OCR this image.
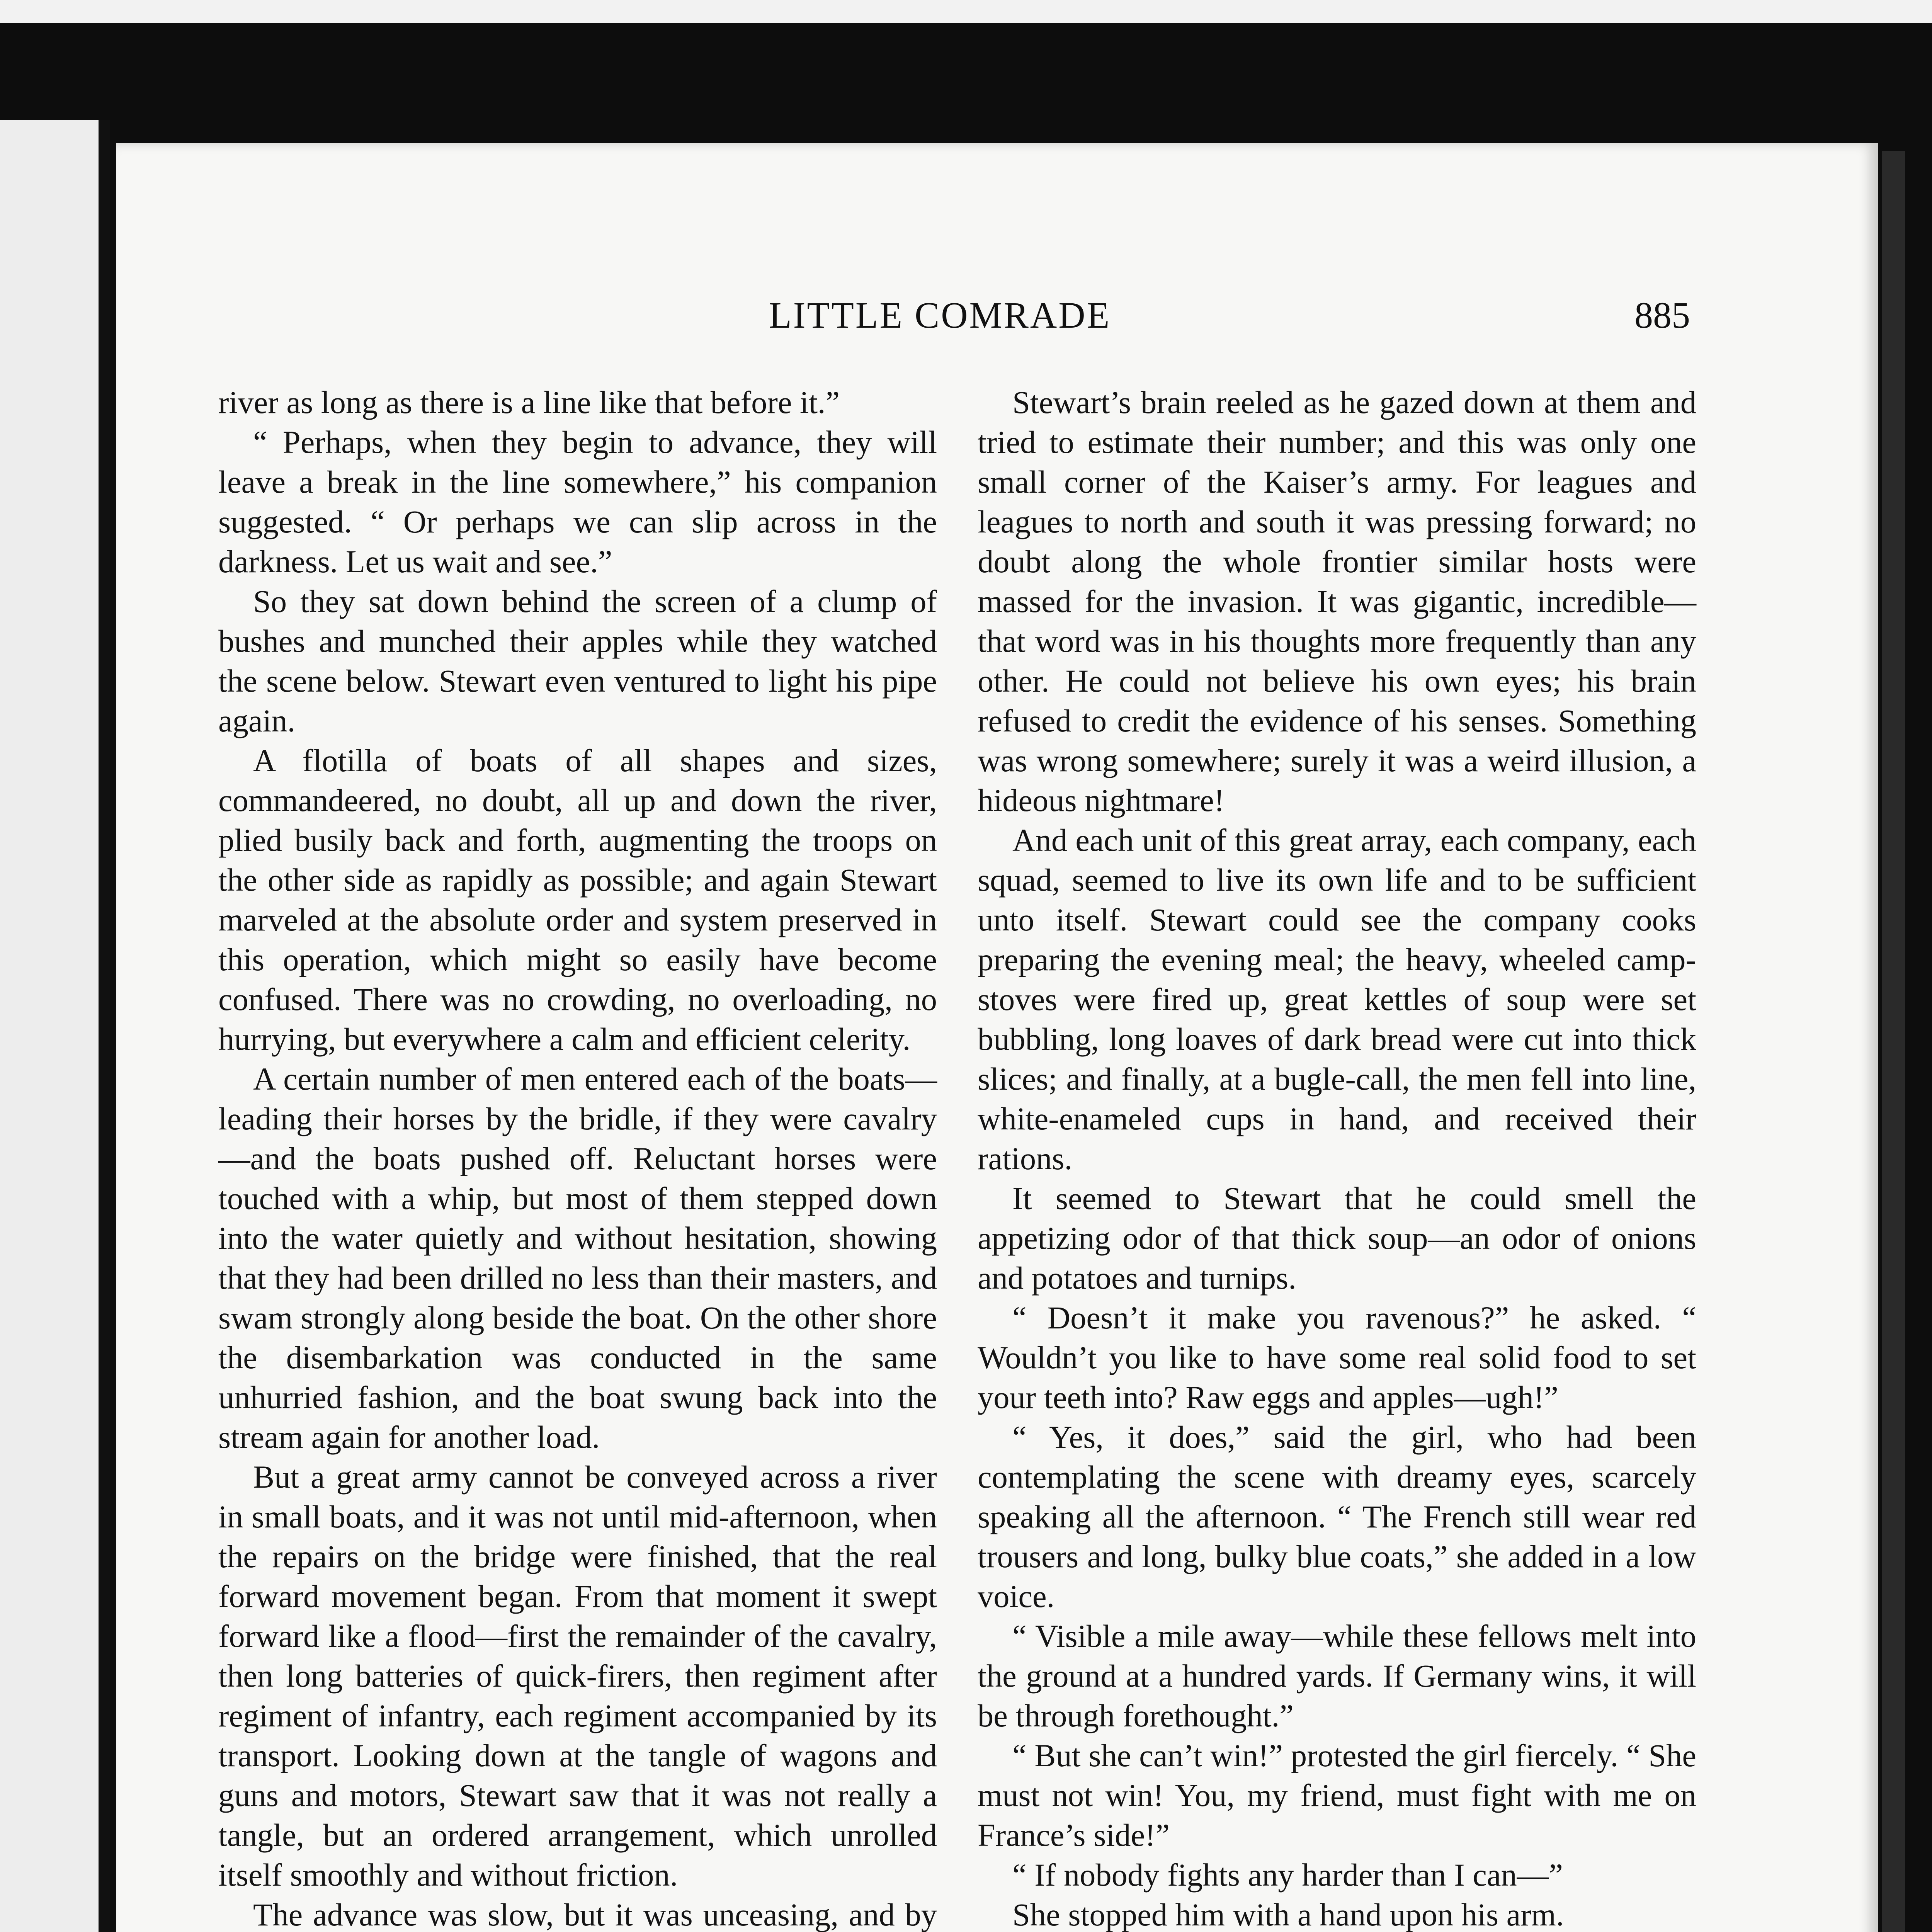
LITTLE COMRADE	885

river as long as there is a line like that before it.”

“ Perhaps, when they begin to advance, they will leave a break in the line somewhere,” his companion suggested. “ Or perhaps we can slip across in the darkness. Let us wait and see.”

So they sat down behind the screen of a clump of bushes and munched their apples while they watched the scene below. Stewart even ventured to light his pipe again.

A flotilla of boats of all shapes and sizes, commandeered, no doubt, all up and down the river, plied busily back and forth, augmenting the troops on the other side as rapidly as possible; and again Stewart marveled at the absolute order and system preserved in this operation, which might so easily have become confused. There was no crowding, no overloading, no hurrying, but everywhere a calm and efficient celerity.

A certain number of men entered each of the boats—leading their horses by the bridle, if they were cavalry—and the boats pushed off. Reluctant horses were touched with a whip, but most of them stepped down into the water quietly and without hesitation, showing that they had been drilled no less than their masters, and swam strongly along beside the boat. On the other shore the disembarkation was conducted in the same unhurried fashion, and the boat swung back into the stream again for another load.

But a great army cannot be conveyed across a river in small boats, and it was not until mid-afternoon, when the repairs on the bridge were finished, that the real forward movement began. From that moment it swept forward like a flood—first the remainder of the cavalry, then long batteries of quick-firers, then regiment after regiment of infantry, each regiment accompanied by its transport. Looking down at the tangle of wagons and guns and motors, Stewart saw that it was not really a tangle, but an ordered arrangement, which unrolled itself smoothly and without friction.

The advance was slow, but it was unceasing, and by

Stewart’s brain reeled as he gazed down at them and tried to estimate their number; and this was only one small corner of the Kaiser’s army. For leagues and leagues to north and south it was pressing forward; no doubt along the whole frontier similar hosts were massed for the invasion. It was gigantic, incredible—that word was in his thoughts more frequently than any other. He could not believe his own eyes; his brain refused to credit the evidence of his senses. Something was wrong somewhere; surely it was a weird illusion, a hideous nightmare!

And each unit of this great array, each company, each squad, seemed to live its own life and to be sufficient unto itself. Stewart could see the company cooks preparing the evening meal; the heavy, wheeled camp-stoves were fired up, great kettles of soup were set bubbling, long loaves of dark bread were cut into thick slices; and finally, at a bugle-call, the men fell into line, white-enameled cups in hand, and received their rations.

It seemed to Stewart that he could smell the appetizing odor of that thick soup—an odor of onions and potatoes and turnips.

“ Doesn’t it make you ravenous?” he asked. “ Wouldn’t you like to have some real solid food to set your teeth into? Raw eggs and apples—ugh!”

“ Yes, it does,” said the girl, who had been contemplating the scene with dreamy eyes, scarcely speaking all the afternoon. “ The French still wear red trousers and long, bulky blue coats,” she added in a low voice.

“ Visible a mile away—while these fellows melt into the ground at a hundred yards. If Germany wins, it will be through forethought.”

“ But she can’t win!” protested the girl fiercely. “ She must not win! You, my friend, must fight with me on France’s side!”

“ If nobody fights any harder than I can—”

She stopped him with a hand upon his arm.
